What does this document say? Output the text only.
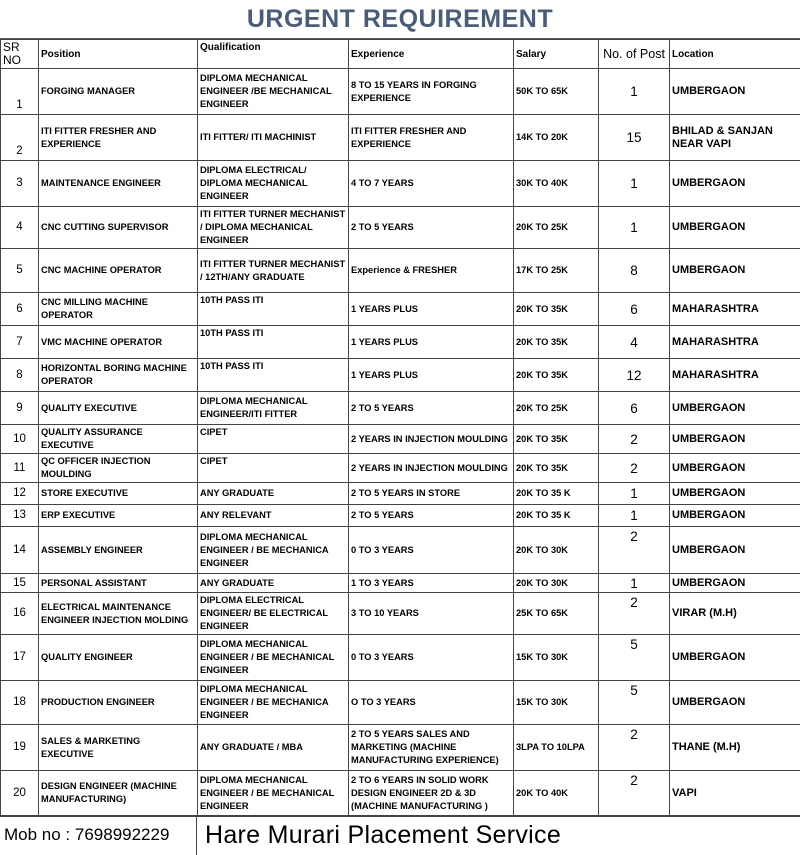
URGENT REQUIREMENT
SR NO	Position	Qualification	Experience	Salary	No. of Post	Location
1	FORGING MANAGER	DIPLOMA MECHANICAL ENGINEER /BE MECHANICAL ENGINEER	8 TO 15 YEARS IN FORGING EXPERIENCE	50K TO 65K	1	UMBERGAON
2	ITI FITTER FRESHER AND EXPERIENCE	ITI FITTER/ ITI MACHINIST	ITI FITTER FRESHER AND EXPERIENCE	14K TO 20K	15	BHILAD & SANJAN NEAR VAPI
3	MAINTENANCE ENGINEER	DIPLOMA ELECTRICAL/ DIPLOMA MECHANICAL ENGINEER	4 TO 7 YEARS	30K TO 40K	1	UMBERGAON
4	CNC CUTTING SUPERVISOR	ITI FITTER TURNER MECHANIST / DIPLOMA MECHANICAL ENGINEER	2 TO 5 YEARS	20K TO 25K	1	UMBERGAON
5	CNC MACHINE OPERATOR	ITI FITTER TURNER MECHANIST / 12TH/ANY GRADUATE	Experience & FRESHER	17K TO 25K	8	UMBERGAON
6	CNC MILLING MACHINE OPERATOR	10TH PASS ITI	1 YEARS PLUS	20K TO 35K	6	MAHARASHTRA
7	VMC MACHINE OPERATOR	10TH PASS ITI	1 YEARS PLUS	20K TO 35K	4	MAHARASHTRA
8	HORIZONTAL BORING MACHINE OPERATOR	10TH PASS ITI	1 YEARS PLUS	20K TO 35K	12	MAHARASHTRA
9	QUALITY EXECUTIVE	DIPLOMA MECHANICAL ENGINEER/ITI FITTER	2 TO 5 YEARS	20K TO 25K	6	UMBERGAON
10	QUALITY ASSURANCE EXECUTIVE	CIPET	2 YEARS IN INJECTION MOULDING	20K TO 35K	2	UMBERGAON
11	QC OFFICER INJECTION MOULDING	CIPET	2 YEARS IN INJECTION MOULDING	20K TO 35K	2	UMBERGAON
12	STORE EXECUTIVE	ANY GRADUATE	2 TO 5 YEARS IN STORE	20K TO 35 K	1	UMBERGAON
13	ERP EXECUTIVE	ANY RELEVANT	2 TO 5 YEARS	20K TO 35 K	1	UMBERGAON
14	ASSEMBLY ENGINEER	DIPLOMA MECHANICAL ENGINEER / BE MECHANICA ENGINEER	0 TO 3 YEARS	20K TO 30K	2	UMBERGAON
15	PERSONAL ASSISTANT	ANY GRADUATE	1 TO 3 YEARS	20K TO 30K	1	UMBERGAON
16	ELECTRICAL MAINTENANCE ENGINEER INJECTION MOLDING	DIPLOMA ELECTRICAL ENGINEER/ BE ELECTRICAL ENGINEER	3 TO 10 YEARS	25K TO 65K	2	VIRAR (M.H)
17	QUALITY ENGINEER	DIPLOMA MECHANICAL ENGINEER / BE MECHANICAL ENGINEER	0 TO 3 YEARS	15K TO 30K	5	UMBERGAON
18	PRODUCTION ENGINEER	DIPLOMA MECHANICAL ENGINEER / BE MECHANICA ENGINEER	O TO 3 YEARS	15K TO 30K	5	UMBERGAON
19	SALES & MARKETING EXECUTIVE	ANY GRADUATE / MBA	2 TO 5 YEARS SALES AND MARKETING (MACHINE MANUFACTURING EXPERIENCE)	3LPA TO 10LPA	2	THANE (M.H)
20	DESIGN ENGINEER (MACHINE MANUFACTURING)	DIPLOMA MECHANICAL ENGINEER / BE MECHANICAL ENGINEER	2 TO 6 YEARS IN SOLID WORK DESIGN ENGINEER 2D & 3D (MACHINE MANUFACTURING )	20K TO 40K	2	VAPI
Mob no : 7698992229	Hare Murari Placement Service
